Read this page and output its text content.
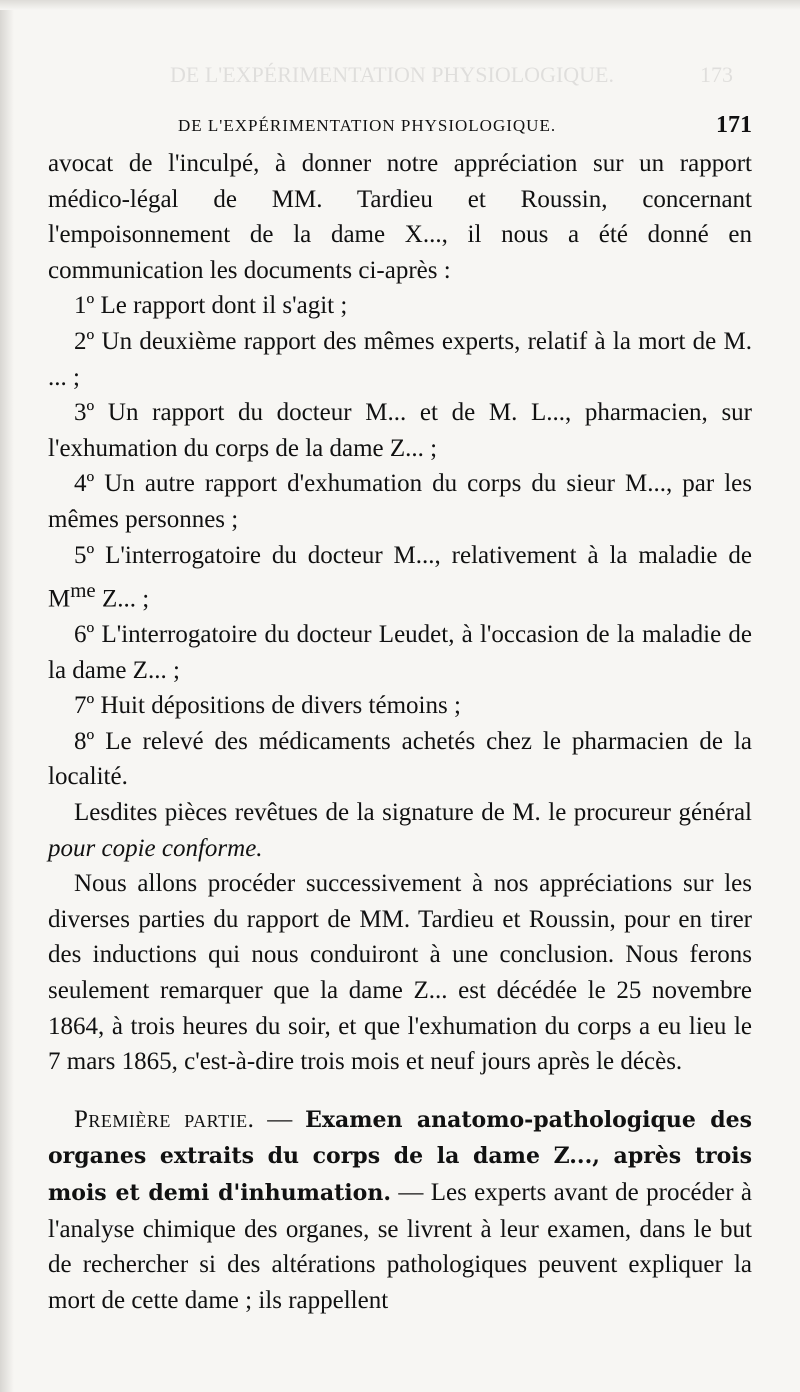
DE L'EXPÉRIMENTATION PHYSIOLOGIQUE.	173
DE L'EXPÉRIMENTATION PHYSIOLOGIQUE.	171

avocat de l'inculpé, à donner notre appréciation sur un rapport médico-légal de MM. Tardieu et Roussin, concernant l'empoisonnement de la dame X..., il nous a été donné en communication les documents ci-après :

1º Le rapport dont il s'agit ;

2º Un deuxième rapport des mêmes experts, relatif à la mort de M. ... ;

3º Un rapport du docteur M... et de M. L..., pharmacien, sur l'exhumation du corps de la dame Z... ;

4º Un autre rapport d'exhumation du corps du sieur M..., par les mêmes personnes ;

5º L'interrogatoire du docteur M..., relativement à la maladie de $M^{me}$ Z... ;

6º L'interrogatoire du docteur Leudet, à l'occasion de la maladie de la dame Z... ;

7º Huit dépositions de divers témoins ;

8º Le relevé des médicaments achetés chez le pharmacien de la localité.

Lesdites pièces revêtues de la signature de M. le procureur général pour copie conforme.

Nous allons procéder successivement à nos appréciations sur les diverses parties du rapport de MM. Tardieu et Roussin, pour en tirer des inductions qui nous conduiront à une conclusion. Nous ferons seulement remarquer que la dame Z... est décédée le 25 novembre 1864, à trois heures du soir, et que l'exhumation du corps a eu lieu le 7 mars 1865, c'est-à-dire trois mois et neuf jours après le décès.

Première partie. — Examen anatomo-pathologique des organes extraits du corps de la dame Z..., après trois mois et demi d'inhumation. — Les experts avant de procéder à l'analyse chimique des organes, se livrent à leur examen, dans le but de rechercher si des altérations pathologiques peuvent expliquer la mort de cette dame ; ils rappellent
